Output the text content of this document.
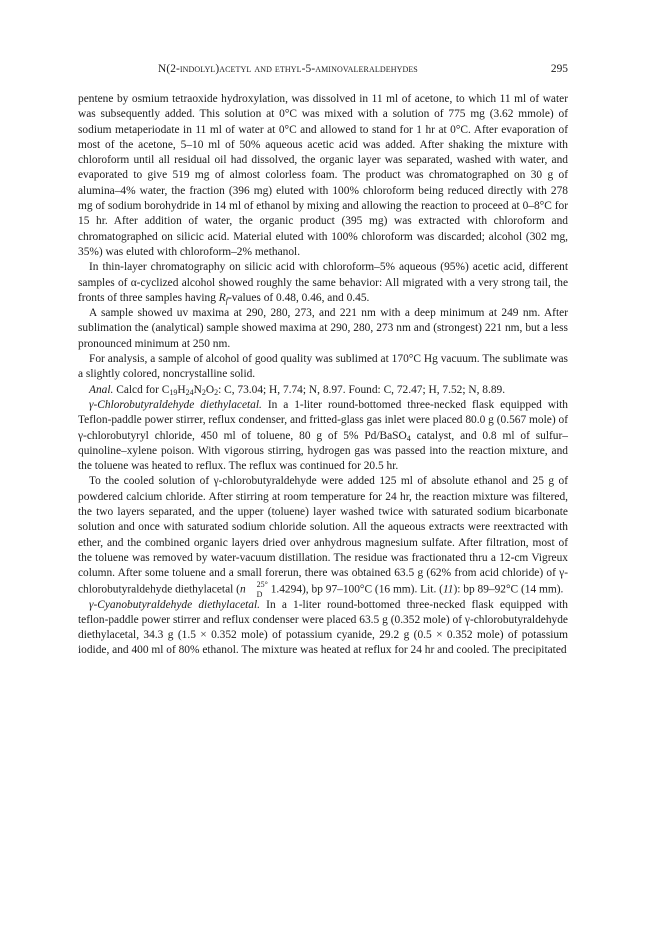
N(2-indolyl)acetyl and ethyl-5-aminovaleraldehydes	295

pentene by osmium tetraoxide hydroxylation, was dissolved in 11 ml of acetone, to which 11 ml of water was subsequently added. This solution at 0°C was mixed with a solution of 775 mg (3.62 mmole) of sodium metaperiodate in 11 ml of water at 0°C and allowed to stand for 1 hr at 0°C. After evaporation of most of the acetone, 5–10 ml of 50% aqueous acetic acid was added. After shaking the mixture with chloroform until all residual oil had dissolved, the organic layer was separated, washed with water, and evaporated to give 519 mg of almost colorless foam. The product was chromatographed on 30 g of alumina–4% water, the fraction (396 mg) eluted with 100% chloroform being reduced directly with 278 mg of sodium borohydride in 14 ml of ethanol by mixing and allowing the reaction to proceed at 0–8°C for 15 hr. After addition of water, the organic product (395 mg) was extracted with chloroform and chromatographed on silicic acid. Material eluted with 100% chloroform was discarded; alcohol (302 mg, 35%) was eluted with chloroform–2% methanol.

In thin-layer chromatography on silicic acid with chloroform–5% aqueous (95%) acetic acid, different samples of α-cyclized alcohol showed roughly the same behavior: All migrated with a very strong tail, the fronts of three samples having $R_f$-values of 0.48, 0.46, and 0.45.

A sample showed uv maxima at 290, 280, 273, and 221 nm with a deep minimum at 249 nm. After sublimation the (analytical) sample showed maxima at 290, 280, 273 nm and (strongest) 221 nm, but a less pronounced minimum at 250 nm.

For analysis, a sample of alcohol of good quality was sublimed at 170°C Hg vacuum. The sublimate was a slightly colored, noncrystalline solid.

Anal. Calcd for $C_{19}H_{24}N_2O_2$: C, 73.04; H, 7.74; N, 8.97. Found: C, 72.47; H, 7.52; N, 8.89.

γ-Chlorobutyraldehyde diethylacetal. In a 1-liter round-bottomed three-necked flask equipped with Teflon-paddle power stirrer, reflux condenser, and fritted-glass gas inlet were placed 80.0 g (0.567 mole) of γ-chlorobutyryl chloride, 450 ml of toluene, 80 g of 5% Pd/BaSO$_4$ catalyst, and 0.8 ml of sulfur–quinoline–xylene poison. With vigorous stirring, hydrogen gas was passed into the reaction mixture, and the toluene was heated to reflux. The reflux was continued for 20.5 hr.

To the cooled solution of γ-chlorobutyraldehyde were added 125 ml of absolute ethanol and 25 g of powdered calcium chloride. After stirring at room temperature for 24 hr, the reaction mixture was filtered, the two layers separated, and the upper (toluene) layer washed twice with saturated sodium bicarbonate solution and once with saturated sodium chloride solution. All the aqueous extracts were reextracted with ether, and the combined organic layers dried over anhydrous magnesium sulfate. After filtration, most of the toluene was removed by water-vacuum distillation. The residue was fractionated thru a 12-cm Vigreux column. After some toluene and a small forerun, there was obtained 63.5 g (62% from acid chloride) of γ-chlorobutyraldehyde diethylacetal (n	25°
D 1.4294), bp 97–100°C (16 mm). Lit. (11): bp 89–92°C (14 mm).

γ-Cyanobutyraldehyde diethylacetal. In a 1-liter round-bottomed three-necked flask equipped with teflon-paddle power stirrer and reflux condenser were placed 63.5 g (0.352 mole) of γ-chlorobutyraldehyde diethylacetal, 34.3 g (1.5 × 0.352 mole) of potassium cyanide, 29.2 g (0.5 × 0.352 mole) of potassium iodide, and 400 ml of 80% ethanol. The mixture was heated at reflux for 24 hr and cooled. The precipitated
